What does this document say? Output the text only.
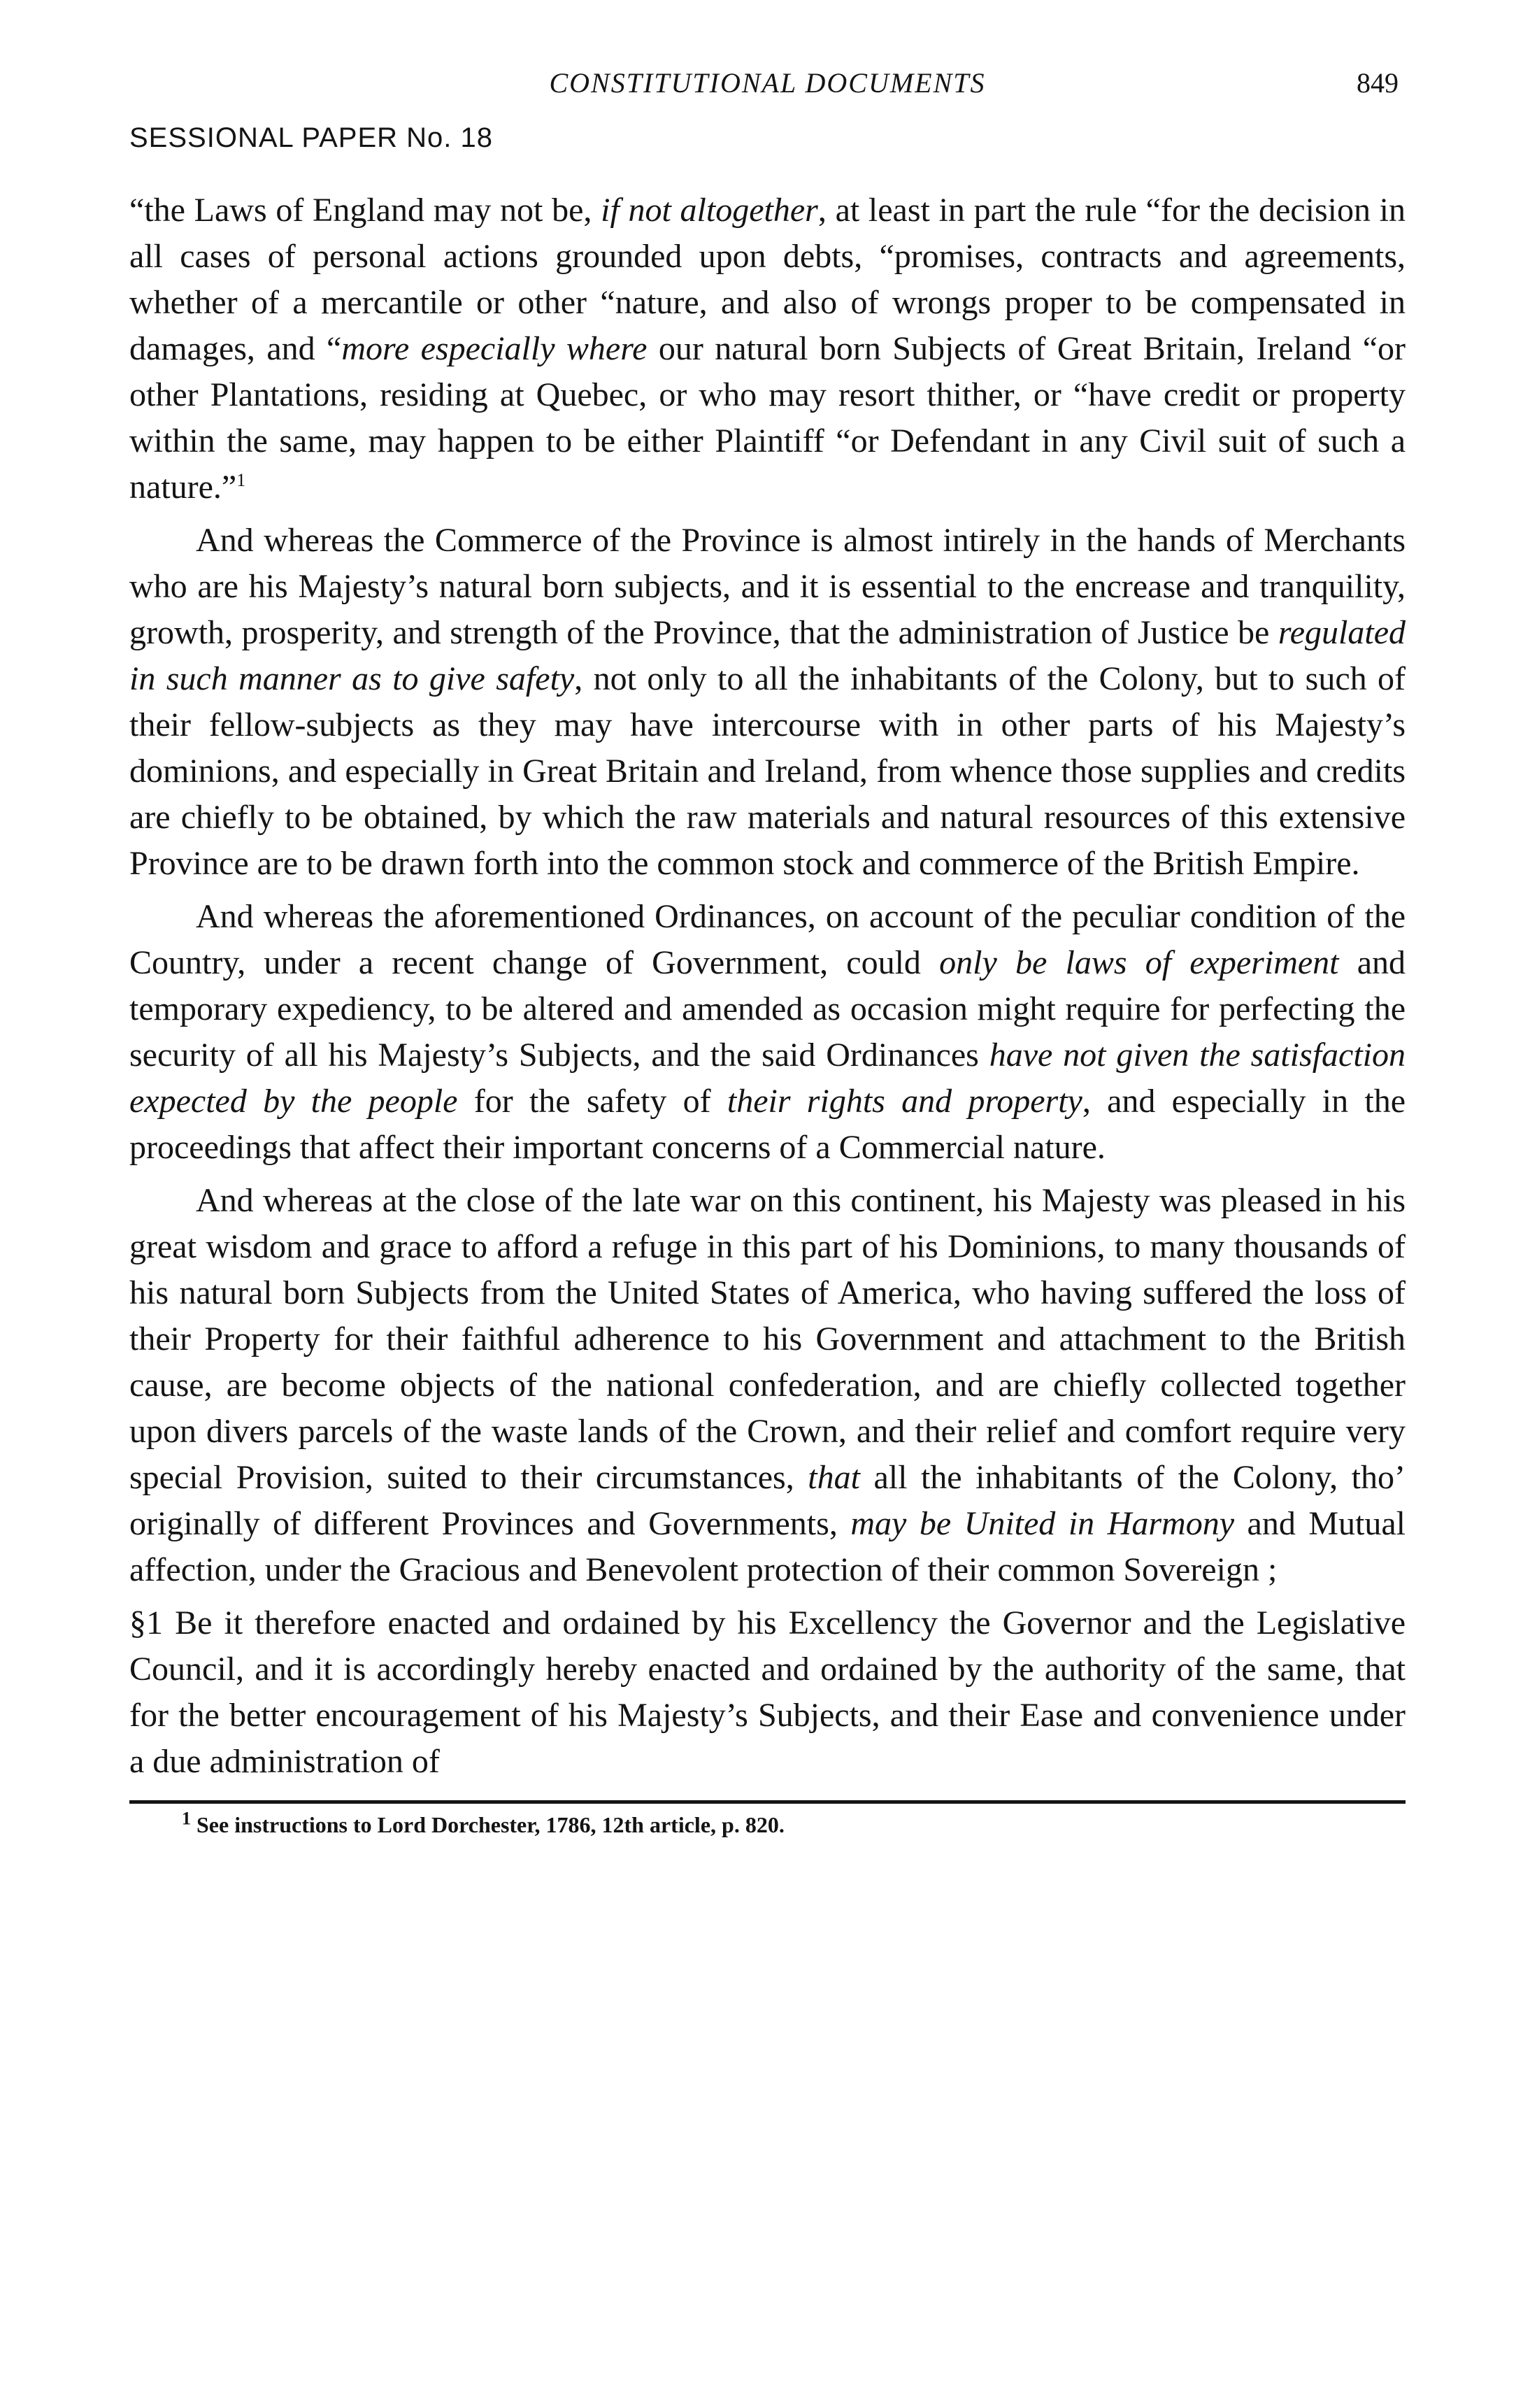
CONSTITUTIONAL DOCUMENTS	849
SESSIONAL PAPER No. 18

“the Laws of England may not be, if not altogether, at least in part the rule “for the decision in all cases of personal actions grounded upon debts, “promises, contracts and agreements, whether of a mercantile or other “nature, and also of wrongs proper to be compensated in damages, and “more especially where our natural born Subjects of Great Britain, Ireland “or other Plantations, residing at Quebec, or who may resort thither, or “have credit or property within the same, may happen to be either Plaintiff “or Defendant in any Civil suit of such a nature.”$^1$

And whereas the Commerce of the Province is almost intirely in the hands of Merchants who are his Majesty’s natural born subjects, and it is essential to the encrease and tranquility, growth, prosperity, and strength of the Province, that the administration of Justice be regulated in such manner as to give safety, not only to all the inhabitants of the Colony, but to such of their fellow-subjects as they may have intercourse with in other parts of his Majesty’s dominions, and especially in Great Britain and Ireland, from whence those supplies and credits are chiefly to be obtained, by which the raw materials and natural resources of this extensive Province are to be drawn forth into the common stock and commerce of the British Empire.

And whereas the aforementioned Ordinances, on account of the peculiar condition of the Country, under a recent change of Government, could only be laws of experiment and temporary expediency, to be altered and amended as occasion might require for perfecting the security of all his Majesty’s Subjects, and the said Ordinances have not given the satisfaction expected by the people for the safety of their rights and property, and especially in the proceedings that affect their important concerns of a Commercial nature.

And whereas at the close of the late war on this continent, his Majesty was pleased in his great wisdom and grace to afford a refuge in this part of his Dominions, to many thousands of his natural born Subjects from the United States of America, who having suffered the loss of their Property for their faithful adherence to his Government and attachment to the British cause, are become objects of the national confederation, and are chiefly collected together upon divers parcels of the waste lands of the Crown, and their relief and comfort require very special Provision, suited to their circumstances, that all the inhabitants of the Colony, tho’ originally of different Provinces and Governments, may be United in Harmony and Mutual affection, under the Gracious and Benevolent protection of their common Sovereign ;

§1 Be it therefore enacted and ordained by his Excellency the Governor and the Legislative Council, and it is accordingly hereby enacted and ordained by the authority of the same, that for the better encouragement of his Majesty’s Subjects, and their Ease and convenience under a due administration of

$^1$ See instructions to Lord Dorchester, 1786, 12th article, p. 820.
